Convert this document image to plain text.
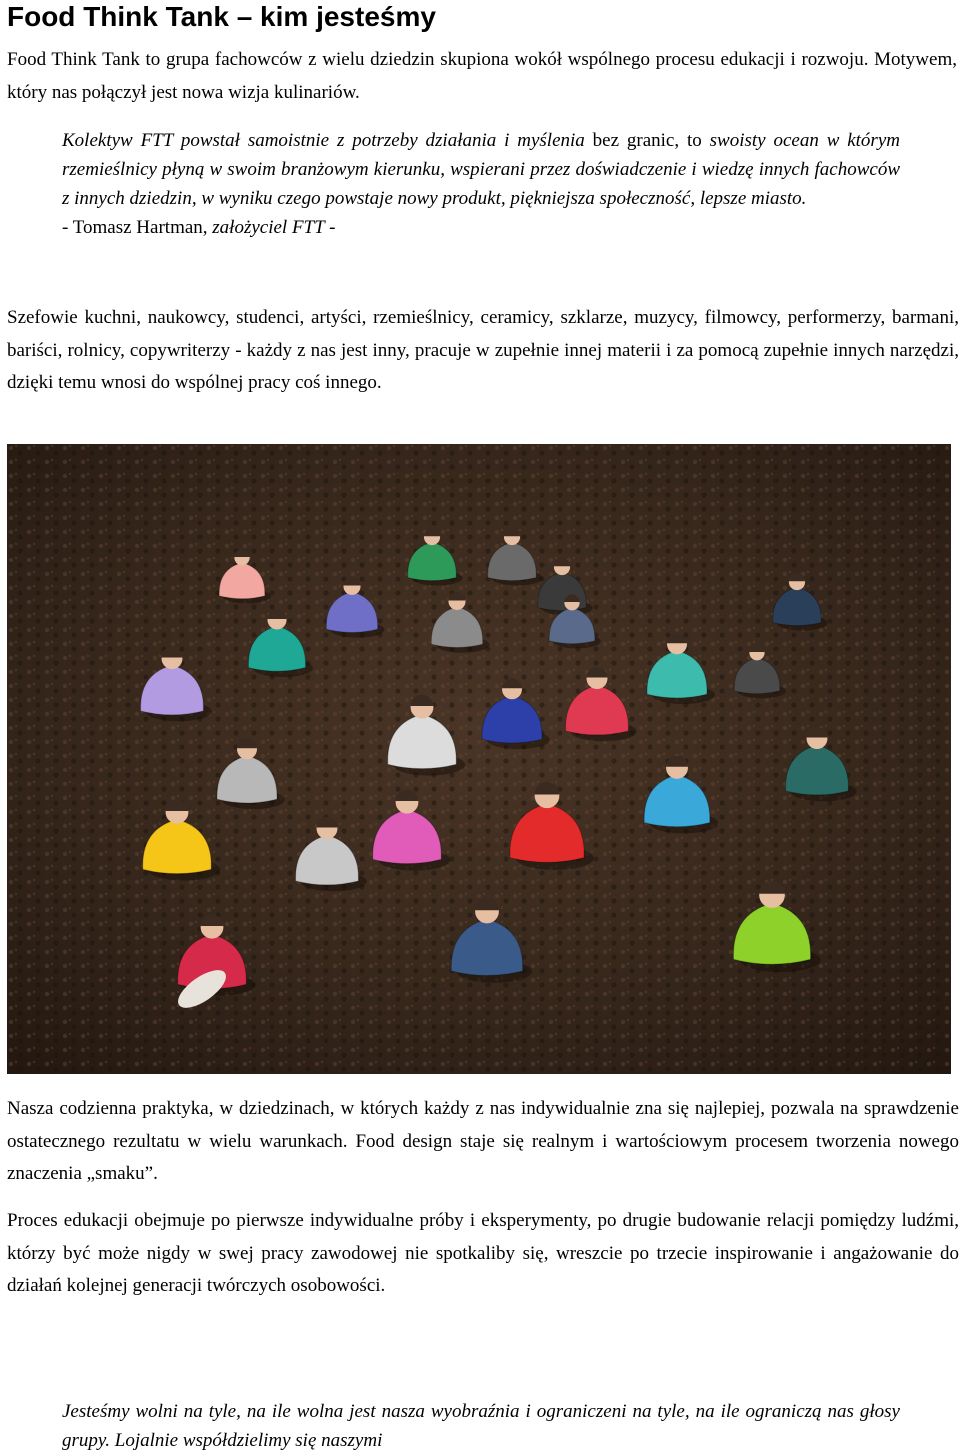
Food Think Tank – kim jesteśmy

Food Think Tank to grupa fachowców z wielu dziedzin skupiona wokół wspólnego procesu edukacji i rozwoju. Motywem, który nas połączył jest nowa wizja kulinariów.

Kolektyw FTT powstał samoistnie z potrzeby działania i myślenia bez granic, to swoisty ocean w którym rzemieślnicy płyną w swoim branżowym kierunku, wspierani przez doświadczenie i wiedzę innych fachowców z innych dziedzin, w wyniku czego powstaje nowy produkt, piękniejsza społeczność, lepsze miasto.
- Tomasz Hartman, założyciel FTT -

Szefowie kuchni, naukowcy, studenci, artyści, rzemieślnicy, ceramicy, szklarze, muzycy, filmowcy, performerzy, barmani, bariści, rolnicy, copywriterzy - każdy z nas jest inny, pracuje w zupełnie innej materii i za pomocą zupełnie innych narzędzi, dzięki temu wnosi do wspólnej pracy coś innego.

Nasza codzienna praktyka, w dziedzinach, w których każdy z nas indywidualnie zna się najlepiej, pozwala na sprawdzenie ostatecznego rezultatu w wielu warunkach. Food design staje się realnym i wartościowym procesem tworzenia nowego znaczenia „smaku”.

Proces edukacji obejmuje po pierwsze indywidualne próby i eksperymenty, po drugie budowanie relacji pomiędzy ludźmi, którzy być może nigdy w swej pracy zawodowej nie spotkaliby się, wreszcie po trzecie inspirowanie i angażowanie do działań kolejnej generacji twórczych osobowości.

Jesteśmy wolni na tyle, na ile wolna jest nasza wyobraźnia i ograniczeni na tyle, na ile ograniczą nas głosy grupy. Lojalnie współdzielimy się naszymi
